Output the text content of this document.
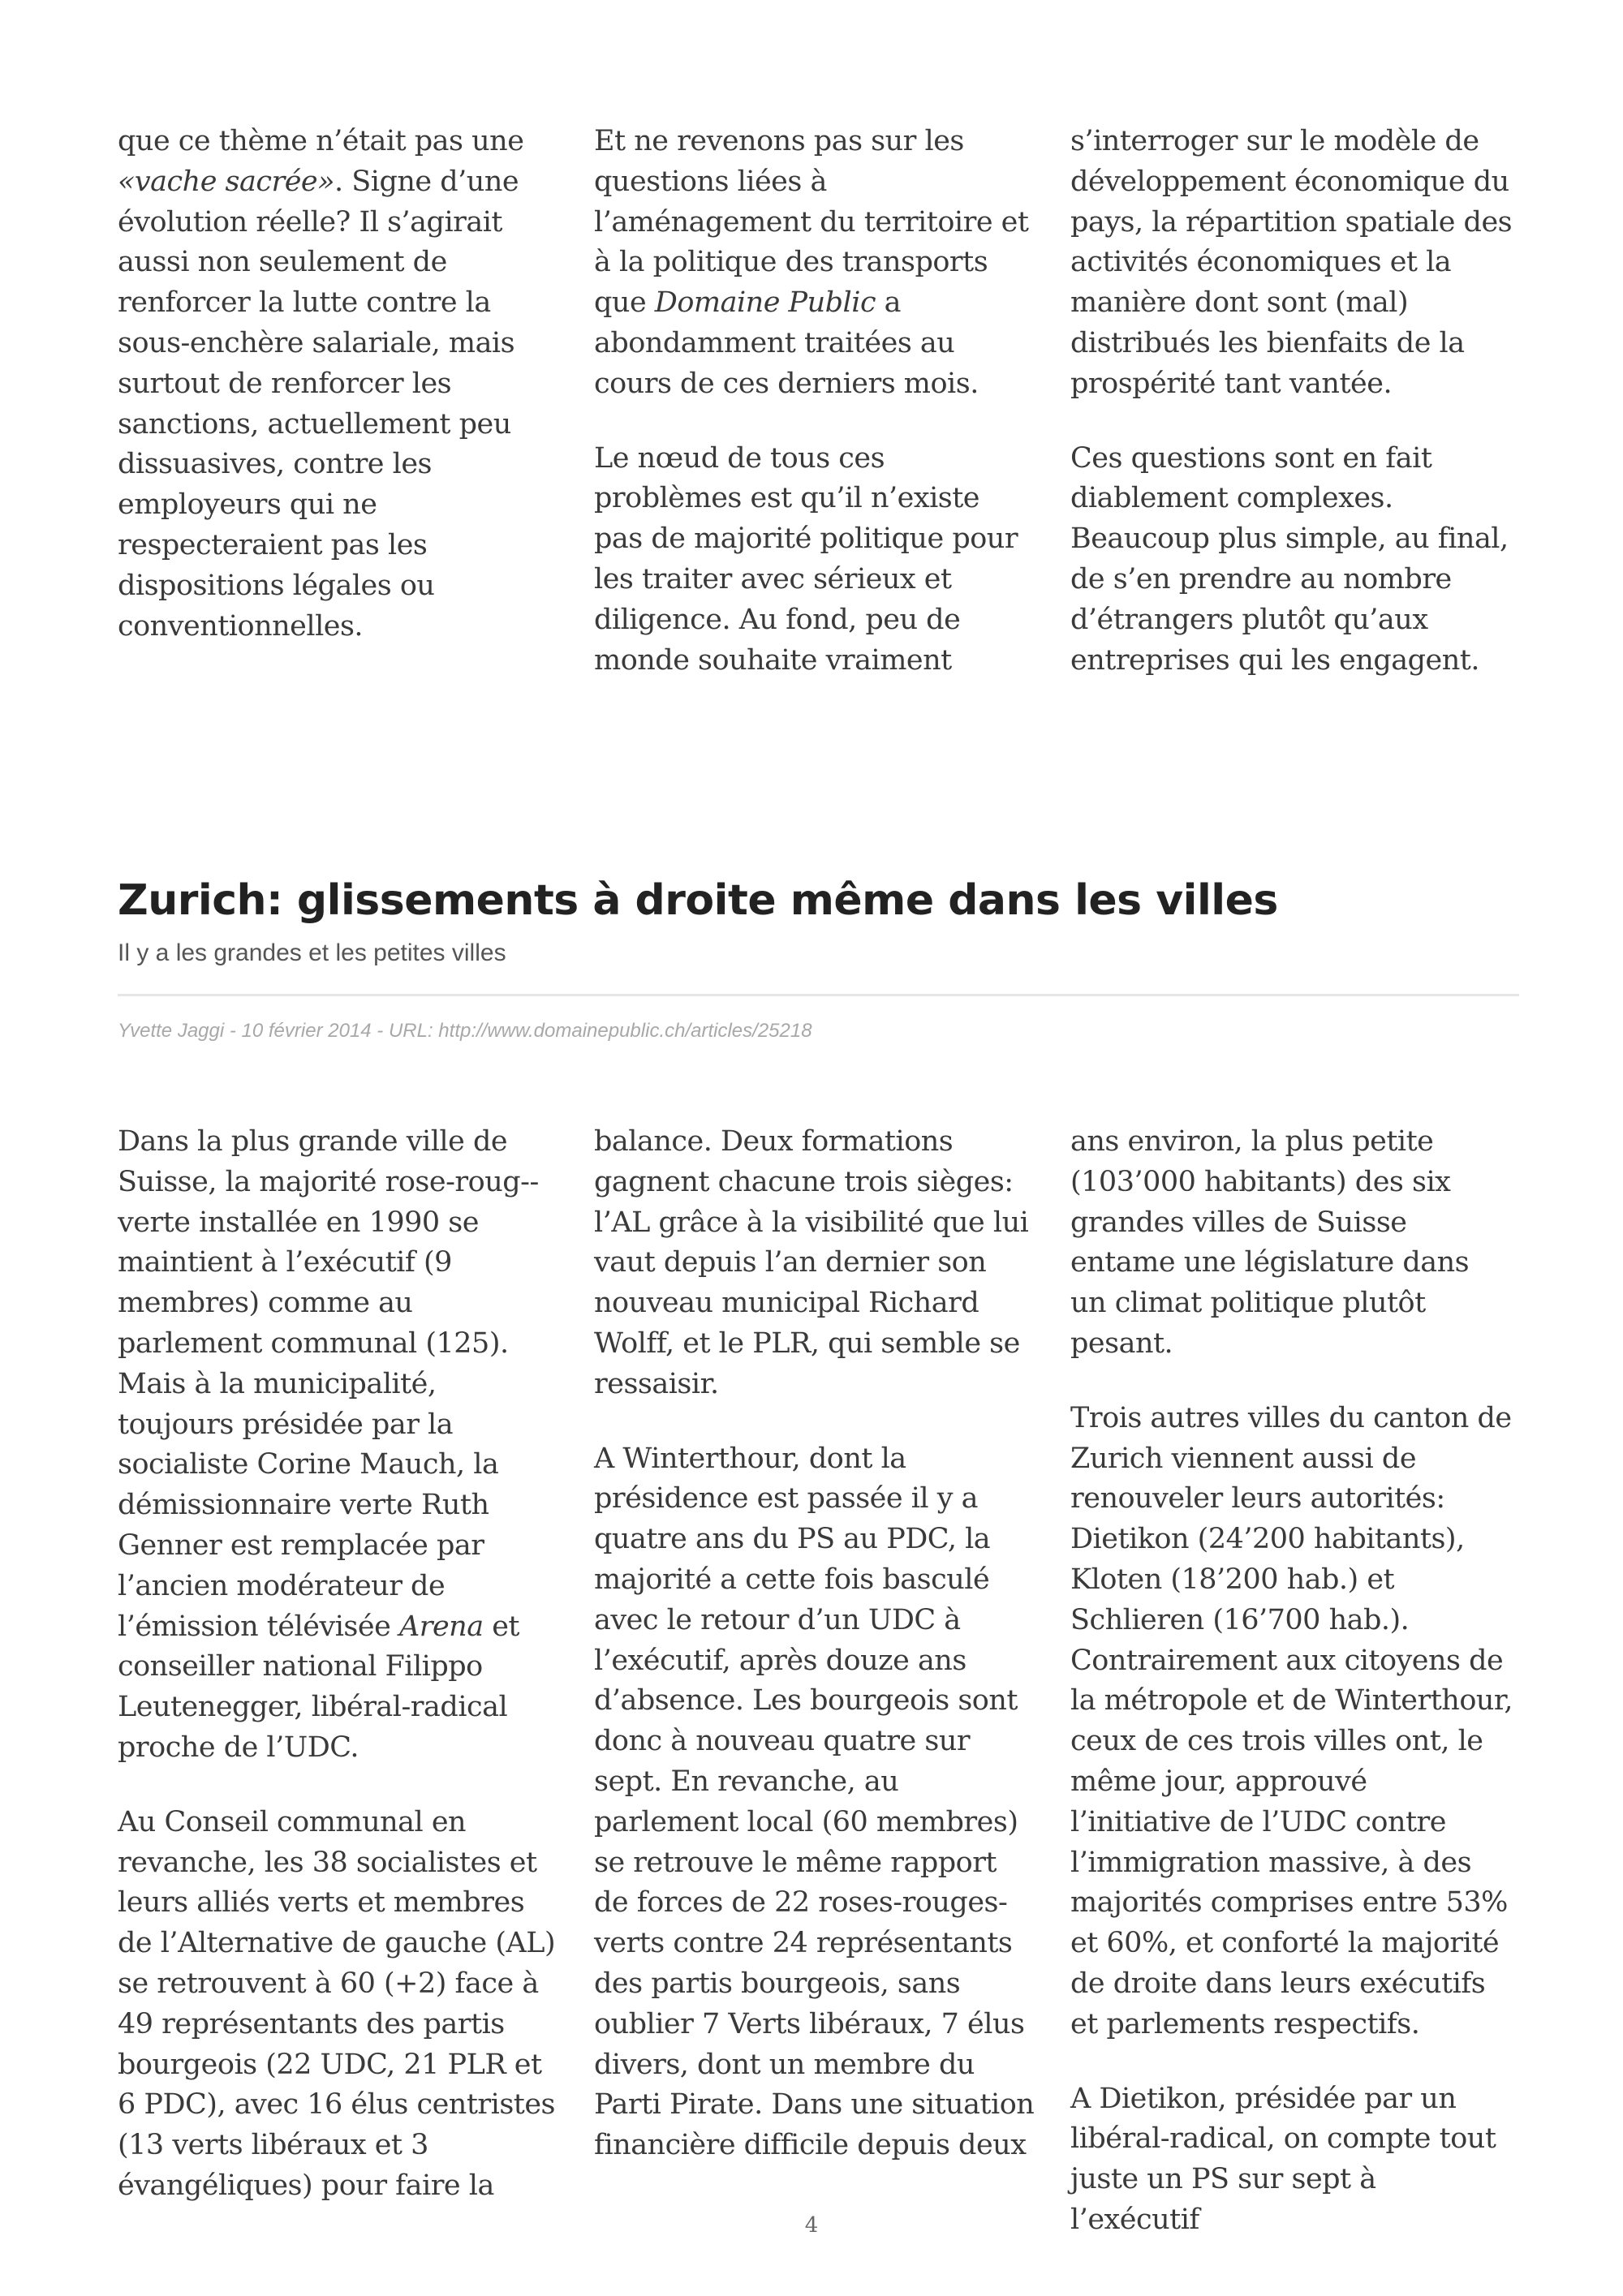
que ce thème n’était pas une «vache sacrée». Signe d’une évolution réelle? Il s’agirait aussi non seulement de renforcer la lutte contre la sous-enchère salariale, mais surtout de renforcer les sanctions, actuellement peu dissuasives, contre les employeurs qui ne respecteraient pas les dispositions légales ou conventionnelles.

Et ne revenons pas sur les questions liées à l’aménagement du territoire et à la politique des transports que Domaine Public a abondamment traitées au cours de ces derniers mois.

Le nœud de tous ces problèmes est qu’il n’existe pas de majorité politique pour les traiter avec sérieux et diligence. Au fond, peu de monde souhaite vraiment

s’interroger sur le modèle de développement économique du pays, la répartition spatiale des activités économiques et la manière dont sont (mal) distribués les bienfaits de la prospérité tant vantée.

Ces questions sont en fait diablement complexes. Beaucoup plus simple, au final, de s’en prendre au nombre d’étrangers plutôt qu’aux entreprises qui les engagent.

Zurich: glissements à droite même dans les villes
Il y a les grandes et les petites villes
Yvette Jaggi - 10 février 2014 - URL: http://www.domainepublic.ch/articles/25218

Dans la plus grande ville de Suisse, la majorité rose-roug--verte installée en 1990 se maintient à l’exécutif (9 membres) comme au parlement communal (125). Mais à la municipalité, toujours présidée par la socialiste Corine Mauch, la démissionnaire verte Ruth Genner est remplacée par l’ancien modérateur de l’émission télévisée Arena et conseiller national Filippo Leutenegger, libéral-radical proche de l’UDC.

Au Conseil communal en revanche, les 38 socialistes et leurs alliés verts et membres de l’Alternative de gauche (AL) se retrouvent à 60 (+2) face à 49 représentants des partis bourgeois (22 UDC, 21 PLR et 6 PDC), avec 16 élus centristes (13 verts libéraux et 3 évangéliques) pour faire la

balance. Deux formations gagnent chacune trois sièges: l’AL grâce à la visibilité que lui vaut depuis l’an dernier son nouveau municipal Richard Wolff, et le PLR, qui semble se ressaisir.

A Winterthour, dont la présidence est passée il y a quatre ans du PS au PDC, la majorité a cette fois basculé avec le retour d’un UDC à l’exécutif, après douze ans d’absence. Les bourgeois sont donc à nouveau quatre sur sept. En revanche, au parlement local (60 membres) se retrouve le même rapport de forces de 22 roses-rouges-verts contre 24 représentants des partis bourgeois, sans oublier 7 Verts libéraux, 7 élus divers, dont un membre du Parti Pirate. Dans une situation financière difficile depuis deux

ans environ, la plus petite (103’000 habitants) des six grandes villes de Suisse entame une législature dans un climat politique plutôt pesant.

Trois autres villes du canton de Zurich viennent aussi de renouveler leurs autorités: Dietikon (24’200 habitants), Kloten (18’200 hab.) et Schlieren (16’700 hab.). Contrairement aux citoyens de la métropole et de Winterthour, ceux de ces trois villes ont, le même jour, approuvé l’initiative de l’UDC contre l’immigration massive, à des majorités comprises entre 53% et 60%, et conforté la majorité de droite dans leurs exécutifs et parlements respectifs.

A Dietikon, présidée par un libéral-radical, on compte tout juste un PS sur sept à l’exécutif

4
